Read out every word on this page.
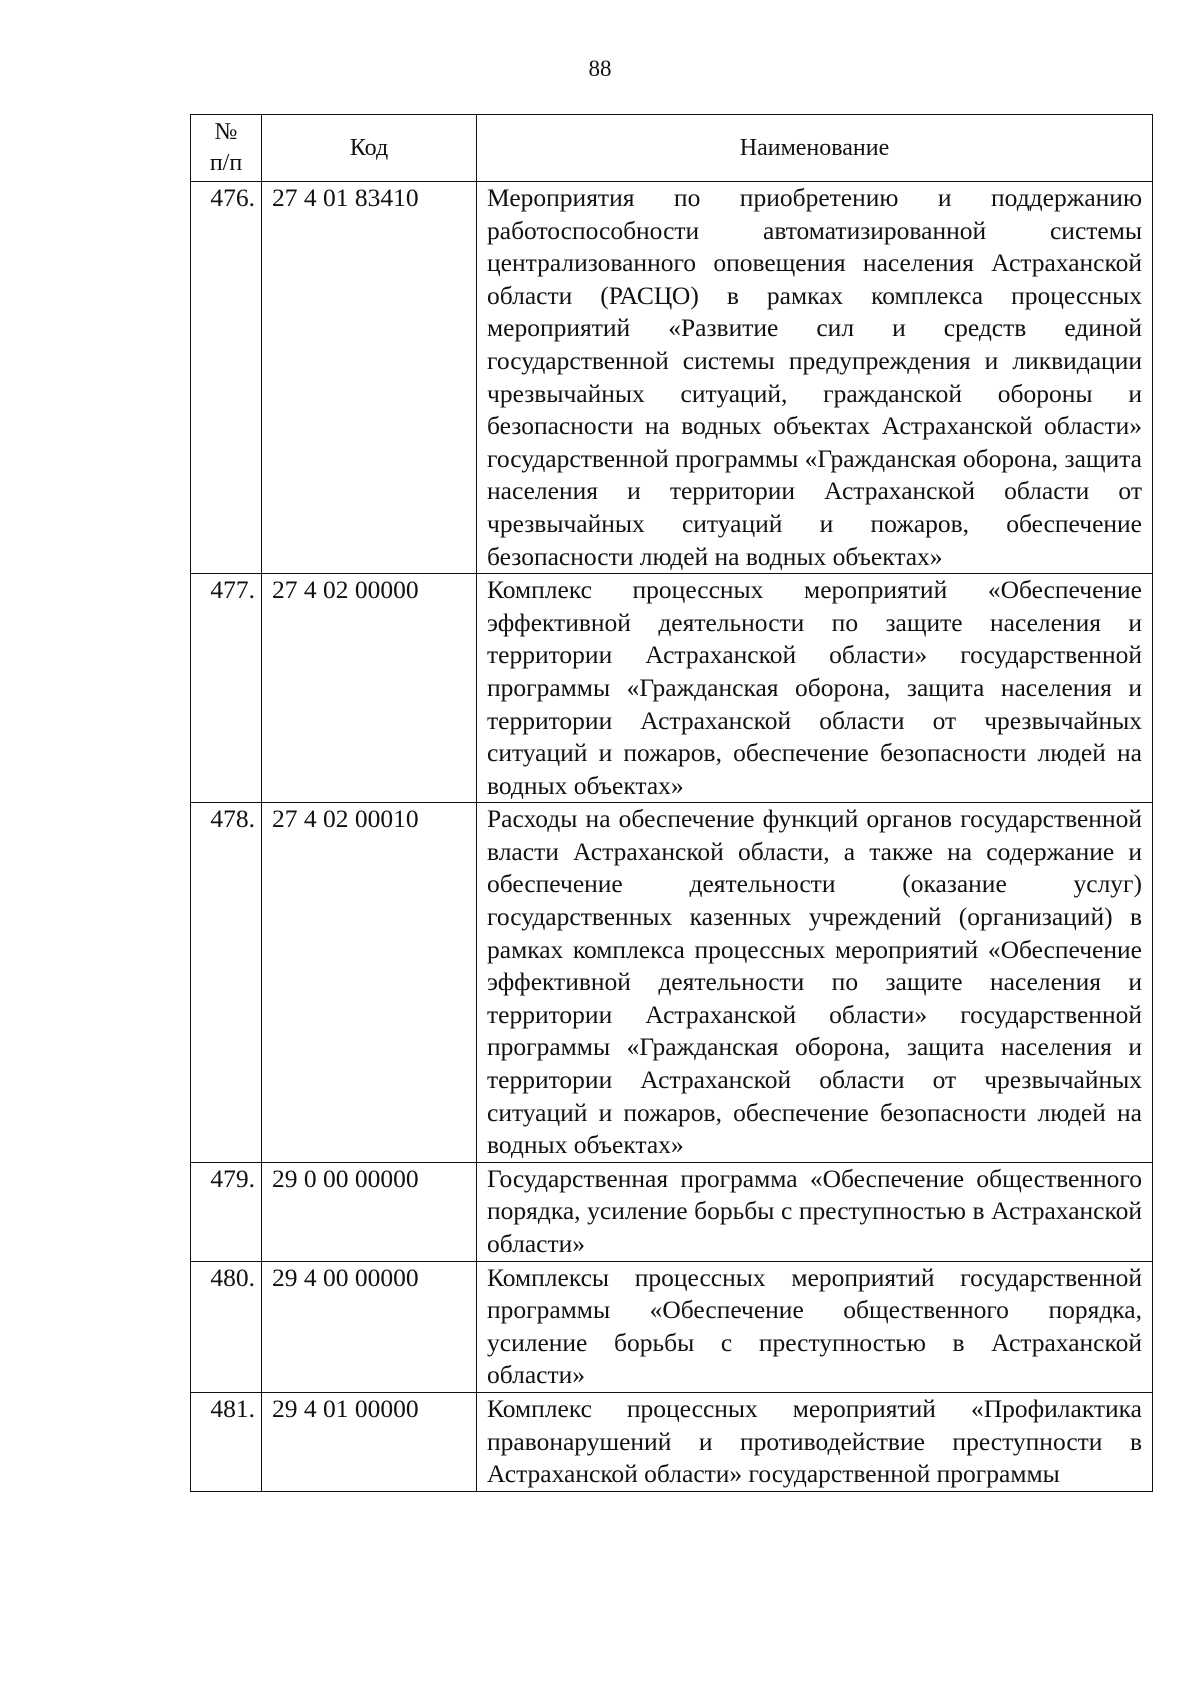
88
№
п/п	Код	Наименование
476.	27 4 01 83410	Мероприятия по приобретению и поддержанию работоспособности автоматизированной системы централизованного оповещения населения Астраханской области (РАСЦО) в рамках комплекса процессных мероприятий «Развитие сил и средств единой государственной системы предупреждения и ликвидации чрезвычайных ситуаций, гражданской обороны и безопасности на водных объектах Астраханской области» государственной программы «Гражданская оборона, защита населения и территории Астраханской области от чрезвычайных ситуаций и пожаров, обеспечение безопасности людей на водных объектах»
477.	27 4 02 00000	Комплекс процессных мероприятий «Обеспечение эффективной деятельности по защите населения и территории Астраханской области» государственной программы «Гражданская оборона, защита населения и территории Астраханской области от чрезвычайных ситуаций и пожаров, обеспечение безопасности людей на водных объектах»
478.	27 4 02 00010	Расходы на обеспечение функций органов государственной власти Астраханской области, а также на содержание и обеспечение деятельности (оказание услуг) государственных казенных учреждений (организаций) в рамках комплекса процессных мероприятий «Обеспечение эффективной деятельности по защите населения и территории Астраханской области» государственной программы «Гражданская оборона, защита населения и территории Астраханской области от чрезвычайных ситуаций и пожаров, обеспечение безопасности людей на водных объектах»
479.	29 0 00 00000	Государственная программа «Обеспечение общественного порядка, усиление борьбы с преступностью в Астраханской области»
480.	29 4 00 00000	Комплексы процессных мероприятий государственной программы «Обеспечение общественного порядка, усиление борьбы с преступностью в Астраханской области»
481.	29 4 01 00000	Комплекс процессных мероприятий «Профилактика правонарушений и противодействие преступности в Астраханской области» государственной программы
